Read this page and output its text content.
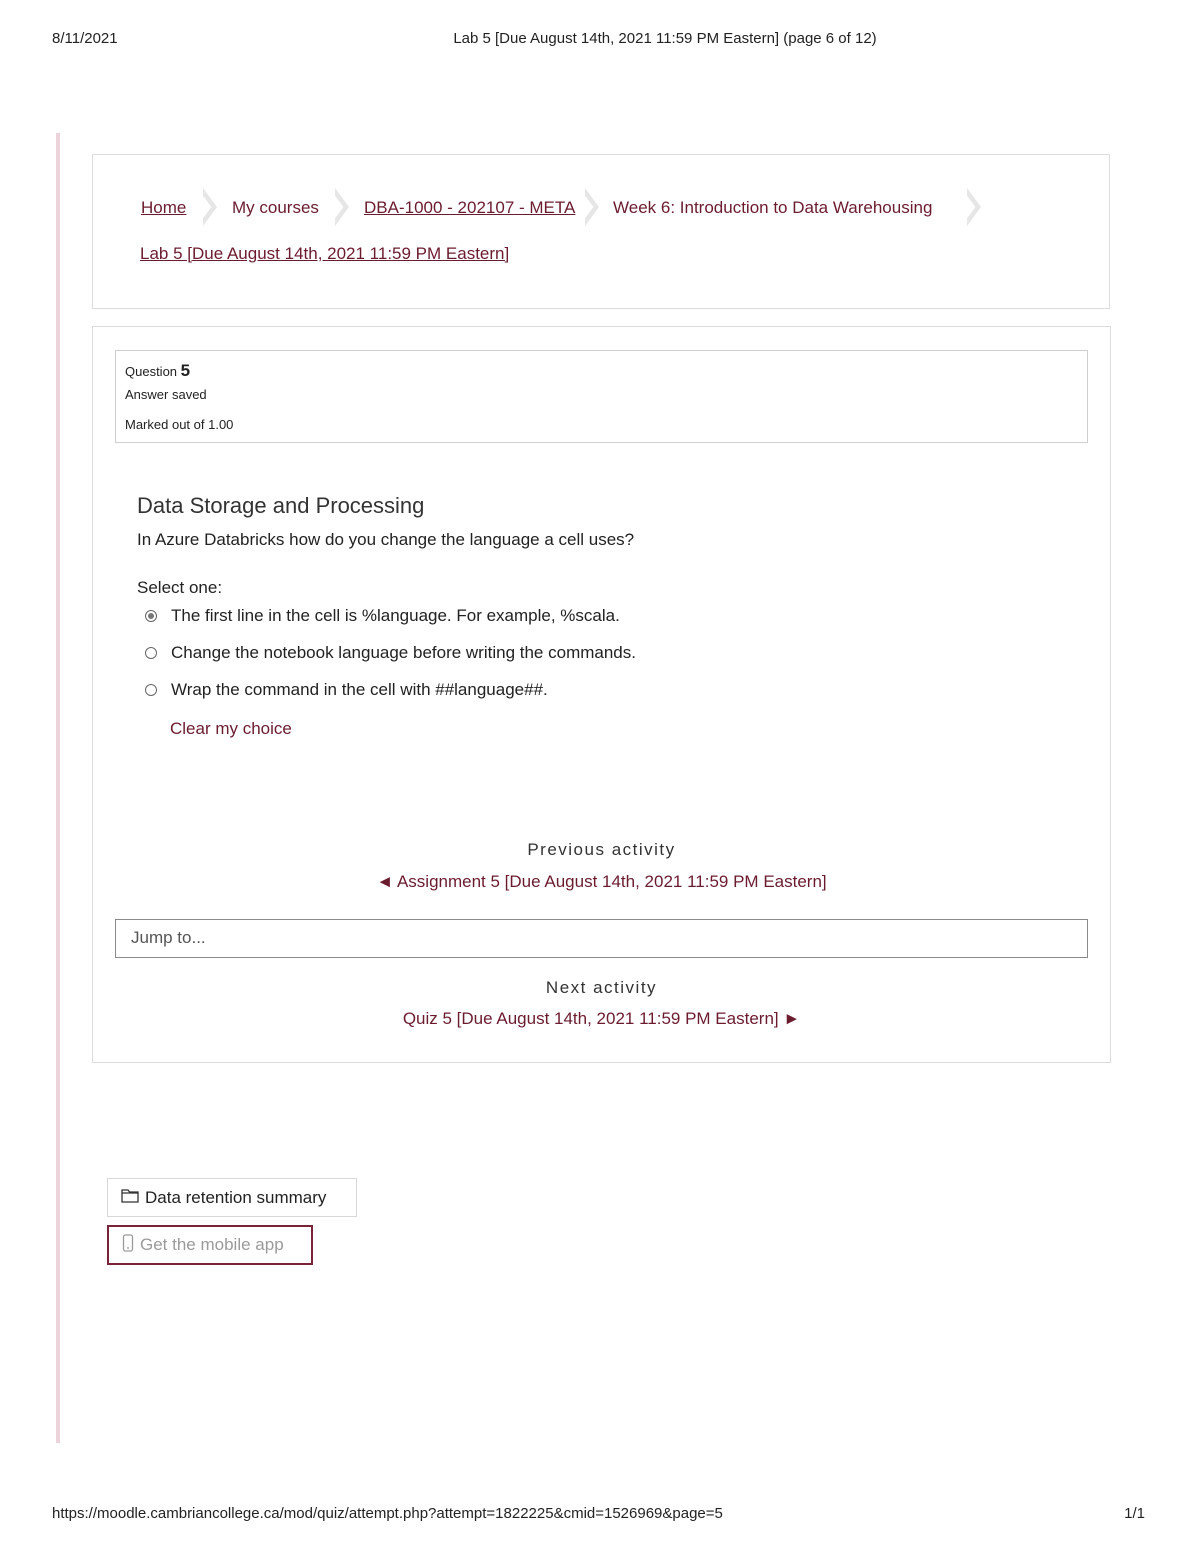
8/11/2021	Lab 5 [Due August 14th, 2021 11:59 PM Eastern] (page 6 of 12)
Home	My courses	DBA-1000 - 202107 - META Week 6: Introduction to Data Warehousing
Lab 5 [Due August 14th, 2021 11:59 PM Eastern]
Question 5
Answer saved
Marked out of 1.00
Data Storage and Processing
In Azure Databricks how do you change the language a cell uses?
Select one:
The first line in the cell is %language. For example, %scala.
Change the notebook language before writing the commands.
Wrap the command in the cell with ##language##.
Clear my choice
Previous activity
◄ Assignment 5 [Due August 14th, 2021 11:59 PM Eastern]
Jump to...
Next activity
Quiz 5 [Due August 14th, 2021 11:59 PM Eastern] ►
Data retention summary
Get the mobile app
https://moodle.cambriancollege.ca/mod/quiz/attempt.php?attempt=1822225&cmid=1526969&page=5	1/1
